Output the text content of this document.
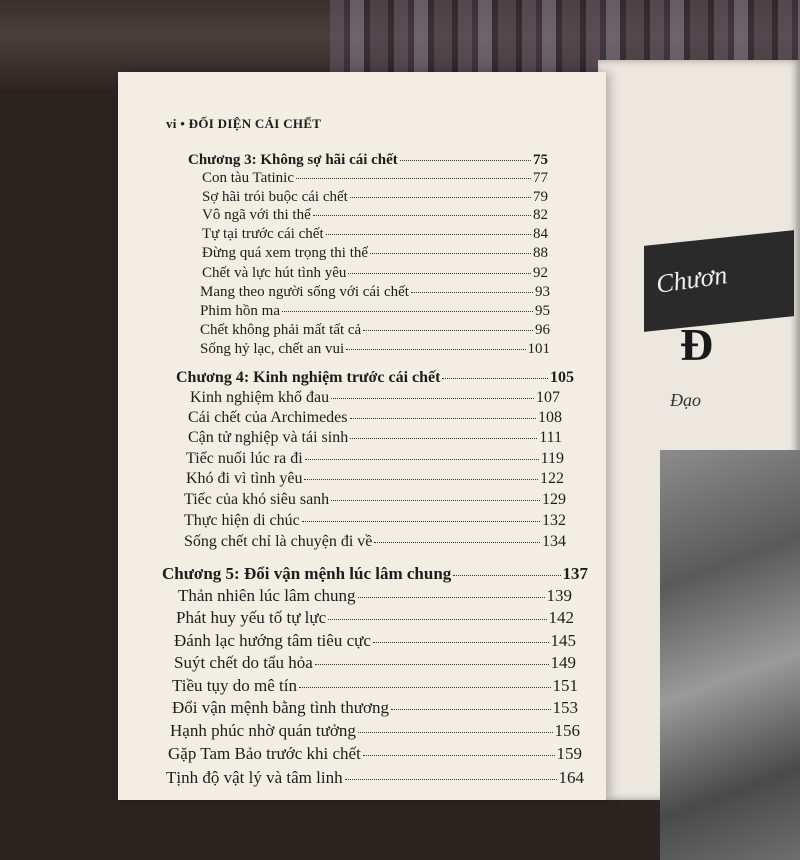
Chươn
Đ
Đạo
vi • ĐỐI DIỆN CÁI CHẾT
Chương 3: Không sợ hãi cái chết	75
Con tàu Tatinic	77
Sợ hãi trói buộc cái chết	79
Vô ngã với thi thể	82
Tự tại trước cái chết	84
Đừng quá xem trọng thi thể	88
Chết và lực hút tình yêu	92
Mang theo người sống với cái chết	93
Phim hồn ma	95
Chết không phải mất tất cả	96
Sống hỷ lạc, chết an vui	101
Chương 4: Kinh nghiệm trước cái chết	105
Kinh nghiệm khổ đau	107
Cái chết của Archimedes	108
Cận tử nghiệp và tái sinh	111
Tiếc nuối lúc ra đi	119
Khó đi vì tình yêu	122
Tiếc của khó siêu sanh	129
Thực hiện di chúc	132
Sống chết chỉ là chuyện đi về	134
Chương 5: Đổi vận mệnh lúc lâm chung	137
Thản nhiên lúc lâm chung	139
Phát huy yếu tố tự lực	142
Đánh lạc hướng tâm tiêu cực	145
Suýt chết do tẩu hỏa	149
Tiều tụy do mê tín	151
Đổi vận mệnh bằng tình thương	153
Hạnh phúc nhờ quán tưởng	156
Gặp Tam Bảo trước khi chết	159
Tịnh độ vật lý và tâm linh	164
